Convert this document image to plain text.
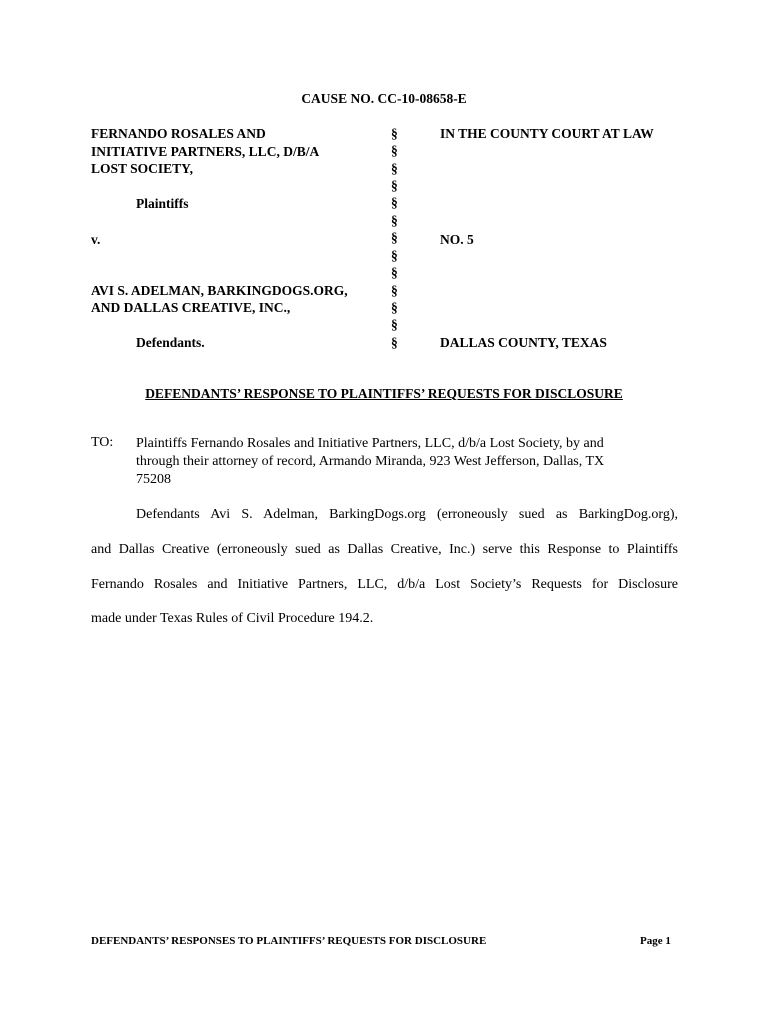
CAUSE NO. CC-10-08658-E
FERNANDO ROSALES AND
INITIATIVE PARTNERS, LLC, D/B/A
LOST SOCIETY,
Plaintiffs
v.
AVI S. ADELMAN, BARKINGDOGS.ORG,
AND DALLAS CREATIVE, INC.,
Defendants.
§
§
§
§
§
§
§
§
§
§
§
§
§
IN THE COUNTY COURT AT LAW
NO. 5
DALLAS COUNTY, TEXAS
DEFENDANTS’ RESPONSE TO PLAINTIFFS’ REQUESTS FOR DISCLOSURE
TO: Plaintiffs Fernando Rosales and Initiative Partners, LLC, d/b/a Lost Society, by and
through their attorney of record, Armando Miranda, 923 West Jefferson, Dallas, TX
75208
Defendants Avi S. Adelman, BarkingDogs.org (erroneously sued as BarkingDog.org),
and Dallas Creative (erroneously sued as Dallas Creative, Inc.) serve this Response to Plaintiffs
Fernando Rosales and Initiative Partners, LLC, d/b/a Lost Society’s Requests for Disclosure
made under Texas Rules of Civil Procedure 194.2.
DEFENDANTS’ RESPONSES TO PLAINTIFFS’ REQUESTS FOR DISCLOSURE	Page 1
